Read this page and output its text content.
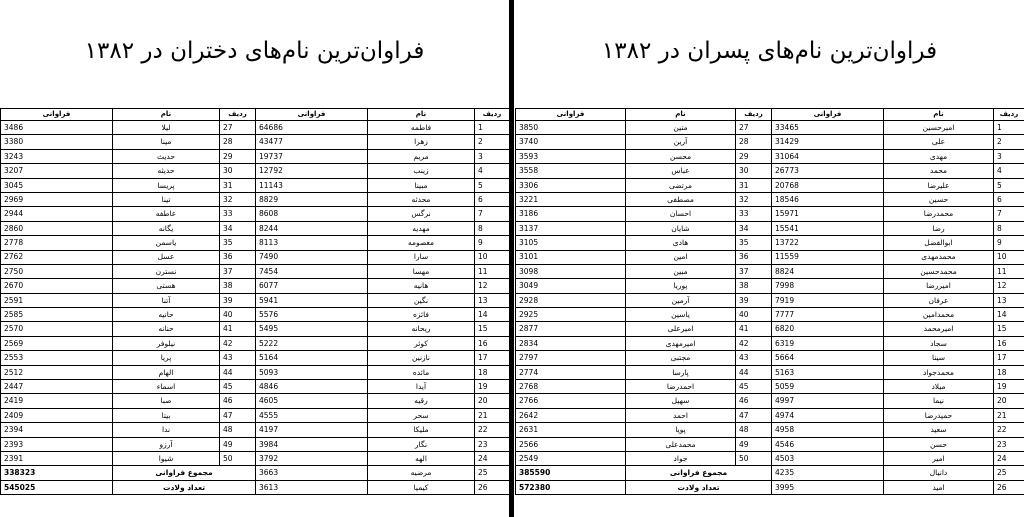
فراوان‌ترین نام‌های دختران در ۱۳۸۲
فراوانی	نام	ردیف	فراوانی	نام	ردیف
3486	لیلا	27	64686	فاطمه	1
3380	مینا	28	43477	زهرا	2
3243	حدیث	29	19737	مریم	3
3207	حدیثه	30	12792	زینب	4
3045	پریسا	31	11143	مبینا	5
2969	تینا	32	8829	محدثه	6
2944	عاطفه	33	8608	نرگس	7
2860	یگانه	34	8244	مهدیه	8
2778	یاسمن	35	8113	معصومه	9
2762	عسل	36	7490	سارا	10
2750	نسترن	37	7454	مهسا	11
2670	هستی	38	6077	هانیه	12
2591	آتنا	39	5941	نگین	13
2585	حانیه	40	5576	فائزه	14
2570	حنانه	41	5495	ریحانه	15
2569	نیلوفر	42	5222	کوثر	16
2553	پریا	43	5164	نازنین	17
2512	الهام	44	5093	مائده	18
2447	اسماء	45	4846	آیدا	19
2419	صبا	46	4605	رقیه	20
2409	بیتا	47	4555	سحر	21
2394	ندا	48	4197	ملیکا	22
2393	آرزو	49	3984	نگار	23
2391	شیوا	50	3792	الهه	24
338323	مجموع فراوانی		3663	مرضیه	25
545025	تعداد ولادت		3613	کیمیا	26
فراوان‌ترین نام‌های پسران در ۱۳۸۲
فراوانی	نام	ردیف	فراوانی	نام	ردیف
3850	متین	27	33465	امیرحسین	1
3740	آرین	28	31429	علی	2
3593	محسن	29	31064	مهدی	3
3558	عباس	30	26773	محمد	4
3306	مرتضی	31	20768	علیرضا	5
3221	مصطفی	32	18546	حسین	6
3186	احسان	33	15971	محمدرضا	7
3137	شایان	34	15541	رضا	8
3105	هادی	35	13722	ابوالفضل	9
3101	امین	36	11559	محمدمهدی	10
3098	مبین	37	8824	محمدحسین	11
3049	پوریا	38	7998	امیررضا	12
2928	آرمین	39	7919	عرفان	13
2925	یاسین	40	7777	محمدامین	14
2877	امیرعلی	41	6820	امیرمحمد	15
2834	امیرمهدی	42	6319	سجاد	16
2797	مجتبی	43	5664	سینا	17
2774	پارسا	44	5163	محمدجواد	18
2768	احمدرضا	45	5059	میلاد	19
2766	سهیل	46	4997	نیما	20
2642	احمد	47	4974	حمیدرضا	21
2631	پویا	48	4958	سعید	22
2566	محمدعلی	49	4546	حسن	23
2549	جواد	50	4503	امیر	24
385590	مجموع فراوانی		4235	دانیال	25
572380	تعداد ولادت		3995	امید	26
